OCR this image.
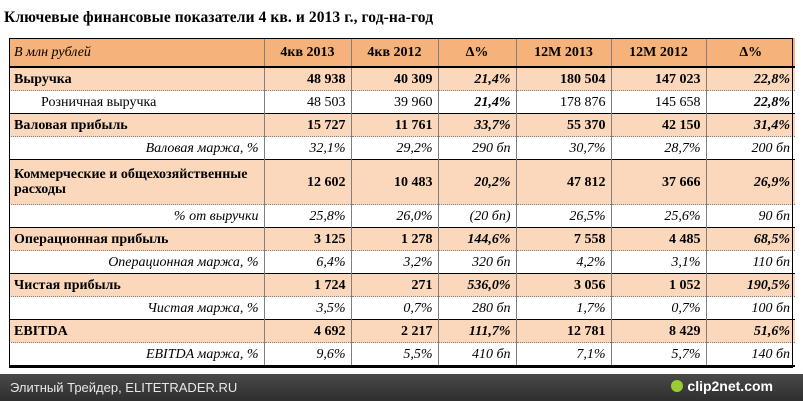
Ключевые финансовые показатели 4 кв. и 2013 г., год-на-год
В млн рублей	4кв 2013	4кв 2012	Δ%	12М 2013	12М 2012	Δ%
Выручка	48 938	40 309	21,4%	180 504	147 023	22,8%
Розничная выручка	48 503	39 960	21,4%	178 876	145 658	22,8%
Валовая прибыль	15 727	11 761	33,7%	55 370	42 150	31,4%
Валовая маржа, %	32,1%	29,2%	290 бп	30,7%	28,7%	200 бп
Коммерческие и общехозяйственные расходы	12 602	10 483	20,2%	47 812	37 666	26,9%
% от выручки	25,8%	26,0%	(20 бп)	26,5%	25,6%	90 бп
Операционная прибыль	3 125	1 278	144,6%	7 558	4 485	68,5%
Операционная маржа, %	6,4%	3,2%	320 бп	4,2%	3,1%	110 бп
Чистая прибыль	1 724	271	536,0%	3 056	1 052	190,5%
Чистая маржа, %	3,5%	0,7%	280 бп	1,7%	0,7%	100 бп
EBITDA	4 692	2 217	111,7%	12 781	8 429	51,6%
EBITDA маржа, %	9,6%	5,5%	410 бп	7,1%	5,7%	140 бп
Элитный Трейдер, ELITETRADER.RU	clip2net.com
